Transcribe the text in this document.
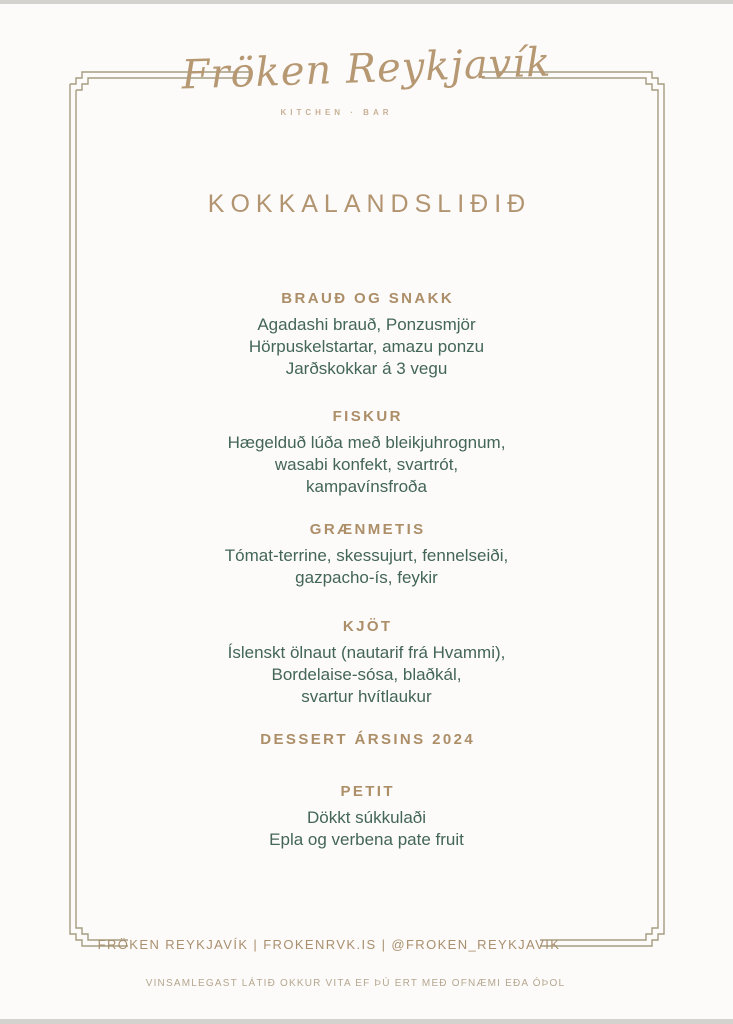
Fröken Reykjavík
KITCHEN · BAR
KOKKALANDSLIÐIÐ
BRAUÐ OG SNAKK
Agadashi brauð, Ponzusmjör
Hörpuskelstartar, amazu ponzu
Jarðskokkar á 3 vegu
FISKUR
Hægelduð lúða með bleikjuhrognum,
wasabi konfekt, svartrót,
kampavínsfroða
GRÆNMETIS
Tómat-terrine, skessujurt, fennelseiði,
gazpacho-ís, feykir
KJÖT
Íslenskt ölnaut (nautarif frá Hvammi),
Bordelaise-sósa, blaðkál,
svartur hvítlaukur
DESSERT ÁRSINS 2024
PETIT
Dökkt súkkulaði
Epla og verbena pate fruit
FRÖKEN REYKJAVÍK | FROKENRVK.IS | @FROKEN_REYKJAVIK
VINSAMLEGAST LÁTIÐ OKKUR VITA EF ÞÚ ERT MEÐ OFNÆMI EÐA ÓÞOL
